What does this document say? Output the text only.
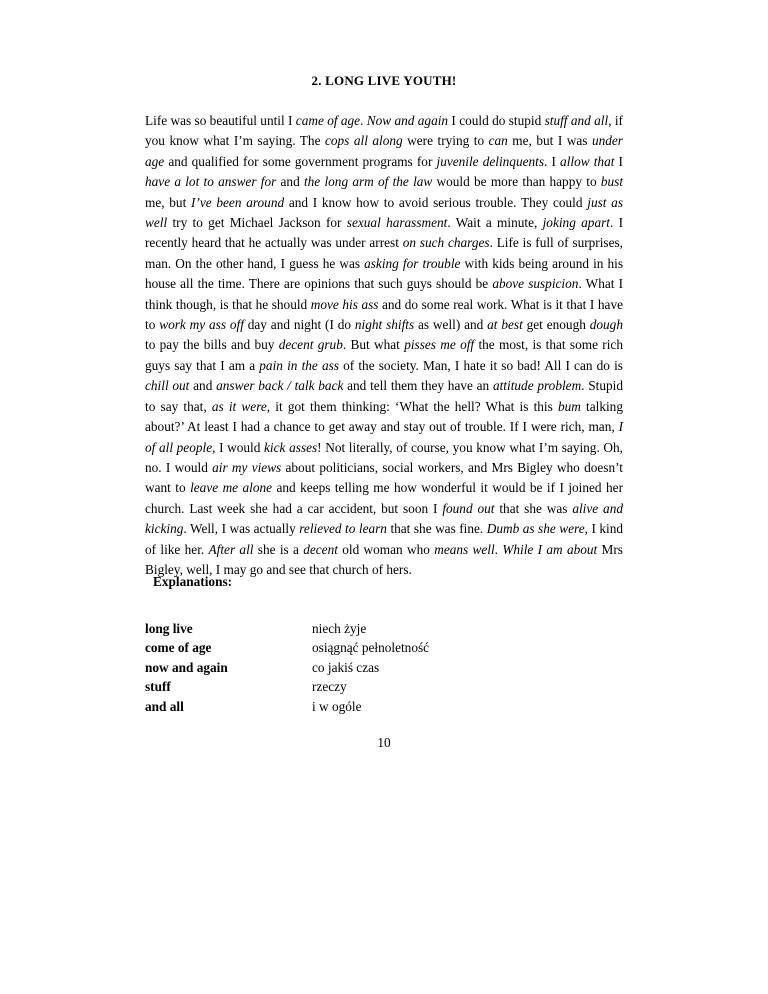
2. LONG LIVE YOUTH!

Life was so beautiful until I came of age. Now and again I could do stupid stuff and all, if you know what I’m saying. The cops all along were trying to can me, but I was under age and qualified for some government programs for juvenile delinquents. I allow that I have a lot to answer for and the long arm of the law would be more than happy to bust me, but I’ve been around and I know how to avoid serious trouble. They could just as well try to get Michael Jackson for sexual harassment. Wait a minute, joking apart. I recently heard that he actually was under arrest on such charges. Life is full of surprises, man. On the other hand, I guess he was asking for trouble with kids being around in his house all the time. There are opinions that such guys should be above suspicion. What I think though, is that he should move his ass and do some real work. What is it that I have to work my ass off day and night (I do night shifts as well) and at best get enough dough to pay the bills and buy decent grub. But what pisses me off the most, is that some rich guys say that I am a pain in the ass of the society. Man, I hate it so bad! All I can do is chill out and answer back / talk back and tell them they have an attitude problem. Stupid to say that, as it were, it got them thinking: ‘What the hell? What is this bum talking about?’ At least I had a chance to get away and stay out of trouble. If I were rich, man, I of all people, I would kick asses! Not literally, of course, you know what I’m saying. Oh, no. I would air my views about politicians, social workers, and Mrs Bigley who doesn’t want to leave me alone and keeps telling me how wonderful it would be if I joined her church. Last week she had a car accident, but soon I found out that she was alive and kicking. Well, I was actually relieved to learn that she was fine. Dumb as she were, I kind of like her. After all she is a decent old woman who means well. While I am about Mrs Bigley, well, I may go and see that church of hers.

Explanations:
long live	niech żyje
come of age	osiągnąć pełnoletność
now and again	co jakiś czas
stuff	rzeczy
and all	i w ogóle
10
